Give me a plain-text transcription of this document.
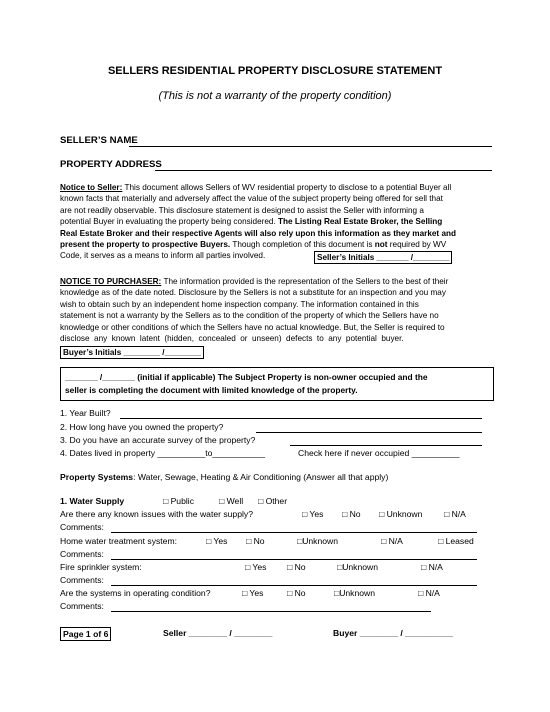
SELLERS RESIDENTIAL PROPERTY DISCLOSURE STATEMENT
(This is not a warranty of the property condition)
SELLER’S NAME
PROPERTY ADDRESS
Notice to Seller: This document allows Sellers of WV residential property to disclose to a potential Buyer all
known facts that materially and adversely affect the value of the subject property being offered for sell that
are not readily observable. This disclosure statement is designed to assist the Seller with informing a
potential Buyer in evaluating the property being considered. The Listing Real Estate Broker, the Selling
Real Estate Broker and their respective Agents will also rely upon this information as they market and
present the property to prospective Buyers. Though completion of this document is not required by WV
Code, it serves as a means to inform all parties involved.	Seller’s Initials _______ /________
NOTICE TO PURCHASER: The information provided is the representation of the Sellers to the best of their
knowledge as of the date noted. Disclosure by the Sellers is not a substitute for an inspection and you may
wish to obtain such by an independent home inspection company. The information contained in this
statement is not a warranty by the Sellers as to the condition of the property of which the Sellers have no
knowledge or other conditions of which the Sellers have no actual knowledge. But, the Seller is required to
disclose any known latent (hidden, concealed or unseen) defects to any potential buyer.
Buyer’s Initials ________ /________
_______ /_______ (initial if applicable) The Subject Property is non-owner occupied and the
seller is completing the document with limited knowledge of the property.
1. Year Built?
2. How long have you owned the property?
3. Do you have an accurate survey of the property?
4. Dates lived in property __________to___________	Check here if never occupied __________
Property Systems: Water, Sewage, Heating & Air Conditioning (Answer all that apply)
1. Water Supply	□ Public	□ Well □ Other
Are there any known issues with the water supply?	□ Yes □ No □ Unknown	□ N/A
Comments:
Home water treatment system:	□ Yes □ No	□Unknown	□ N/A	□ Leased
Comments:
Fire sprinkler system:	□ Yes □ No	□Unknown	□ N/A
Comments:
Are the systems in operating condition?	□ Yes	□ No	□Unknown	□ N/A
Comments:
Page 1 of 6	Seller ________ / ________	Buyer ________ / __________
